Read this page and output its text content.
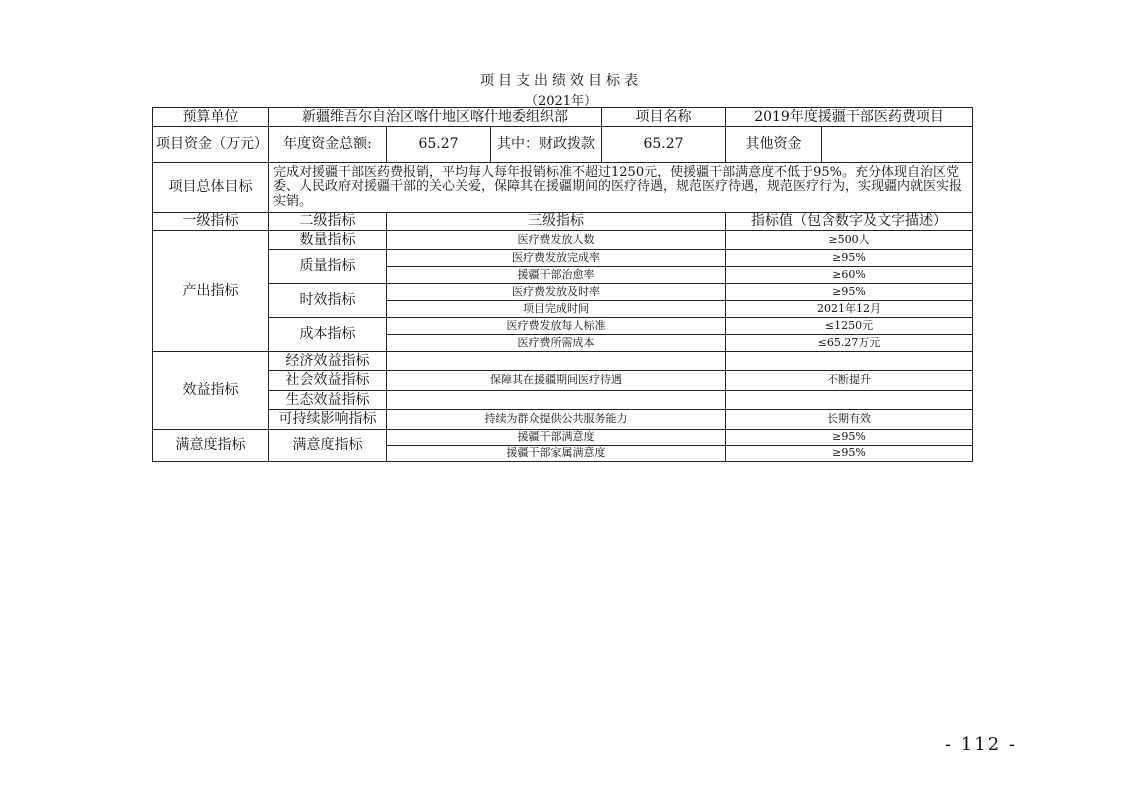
项目支出绩效目标表
（2021年）
预算单位	新疆维吾尔自治区喀什地区喀什地委组织部			项目名称	2019年度援疆干部医药费项目	
项目资金（万元）	年度资金总额:	65.27	其中：财政拨款	65.27	其他资金	
项目总体目标	完成对援疆干部医药费报销，平均每人每年报销标准不超过1250元，使援疆干部满意度不低于95%。充分体现自治区党委、人民政府对援疆干部的关心关爱，保障其在援疆期间的医疗待遇，规范医疗待遇，规范医疗行为，实现疆内就医实报实销。					
一级指标	二级指标	三级指标			指标值（包含数字及文字描述）	
产出指标	数量指标	医疗费发放人数			≥500人	
	质量指标	医疗费发放完成率			≥95%	
		援疆干部治愈率			≥60%	
	时效指标	医疗费发放及时率			≥95%	
		项目完成时间			2021年12月	
	成本指标	医疗费发放每人标准			≤1250元	
		医疗费所需成本			≤65.27万元	
效益指标	经济效益指标					
	社会效益指标	保障其在援疆期间医疗待遇			不断提升	
	生态效益指标					
	可持续影响指标	持续为群众提供公共服务能力			长期有效	
满意度指标	满意度指标	援疆干部满意度			≥95%	
		援疆干部家属满意度			≥95%	
- 112 -
